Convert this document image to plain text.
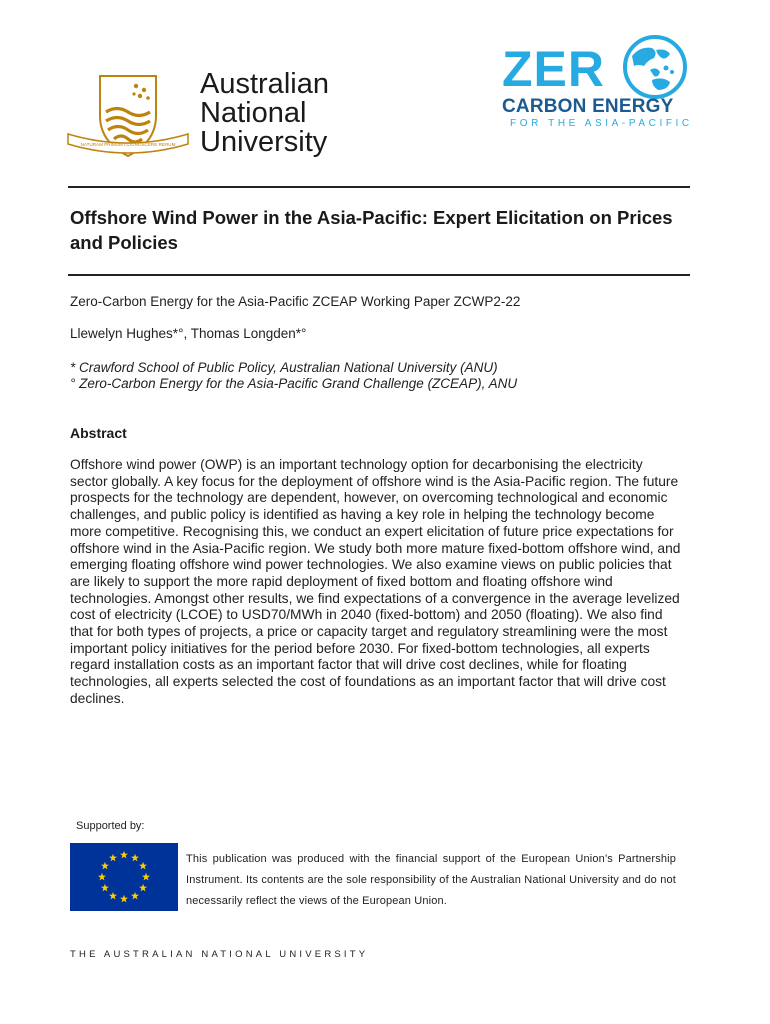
NATURAM PRIMUM COGNOSCERE RERUM
Australian
National
University
ZER
CARBON ENERGY
FOR THE ASIA-PACIFIC
Offshore Wind Power in the Asia-Pacific: Expert Elicitation on Prices and Policies
Zero-Carbon Energy for the Asia-Pacific ZCEAP Working Paper ZCWP2-22
Llewelyn Hughes*°, Thomas Longden*°
* Crawford School of Public Policy, Australian National University (ANU)
° Zero-Carbon Energy for the Asia-Pacific Grand Challenge (ZCEAP), ANU
Abstract

Offshore wind power (OWP) is an important technology option for decarbonising the electricity sector globally. A key focus for the deployment of offshore wind is the Asia-Pacific region. The future prospects for the technology are dependent, however, on overcoming technological and economic challenges, and public policy is identified as having a key role in helping the technology become more competitive. Recognising this, we conduct an expert elicitation of future price expectations for offshore wind in the Asia-Pacific region. We study both more mature fixed-bottom offshore wind, and emerging floating offshore wind power technologies. We also examine views on public policies that are likely to support the more rapid deployment of fixed bottom and floating offshore wind technologies. Amongst other results, we find expectations of a convergence in the average levelized cost of electricity (LCOE) to USD70/MWh in 2040 (fixed-bottom) and 2050 (floating). We also find that for both types of projects, a price or capacity target and regulatory streamlining were the most important policy initiatives for the period before 2030. For fixed-bottom technologies, all experts regard installation costs as an important factor that will drive cost declines, while for floating technologies, all experts selected the cost of foundations as an important factor that will drive cost declines.

Supported by:
This publication was produced with the financial support of the European Union’s Partnership Instrument. Its contents are the sole responsibility of the Australian National University and do not necessarily reflect the views of the European Union.
THE AUSTRALIAN NATIONAL UNIVERSITY
